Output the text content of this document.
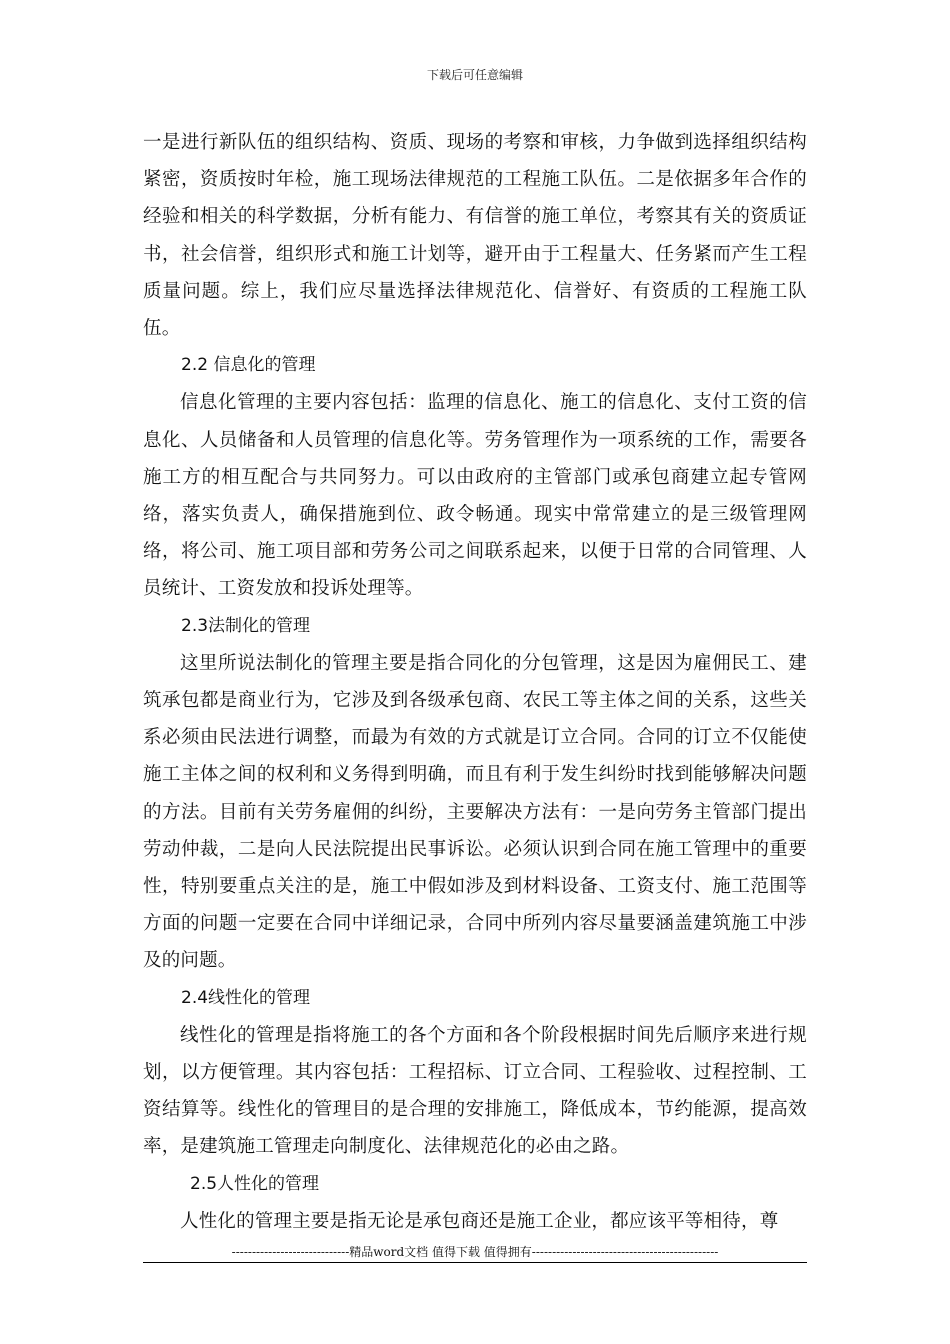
下载后可任意编辑

一是进行新队伍的组织结构、资质、现场的考察和审核，力争做到选择组织结构紧密，资质按时年检，施工现场法律规范的工程施工队伍。二是依据多年合作的经验和相关的科学数据，分析有能力、有信誉的施工单位，考察其有关的资质证书，社会信誉，组织形式和施工计划等，避开由于工程量大、任务紧而产生工程质量问题。综上，我们应尽量选择法律规范化、信誉好、有资质的工程施工队伍。

2.2 信息化的管理

信息化管理的主要内容包括：监理的信息化、施工的信息化、支付工资的信息化、人员储备和人员管理的信息化等。劳务管理作为一项系统的工作，需要各施工方的相互配合与共同努力。可以由政府的主管部门或承包商建立起专管网络，落实负责人，确保措施到位、政令畅通。现实中常常建立的是三级管理网络，将公司、施工项目部和劳务公司之间联系起来，以便于日常的合同管理、人员统计、工资发放和投诉处理等。

2.3法制化的管理

这里所说法制化的管理主要是指合同化的分包管理，这是因为雇佣民工、建筑承包都是商业行为，它涉及到各级承包商、农民工等主体之间的关系，这些关系必须由民法进行调整，而最为有效的方式就是订立合同。合同的订立不仅能使施工主体之间的权利和义务得到明确，而且有利于发生纠纷时找到能够解决问题的方法。目前有关劳务雇佣的纠纷，主要解决方法有：一是向劳务主管部门提出劳动仲裁，二是向人民法院提出民事诉讼。必须认识到合同在施工管理中的重要性，特别要重点关注的是，施工中假如涉及到材料设备、工资支付、施工范围等方面的问题一定要在合同中详细记录，合同中所列内容尽量要涵盖建筑施工中涉及的问题。

2.4线性化的管理

线性化的管理是指将施工的各个方面和各个阶段根据时间先后顺序来进行规划，以方便管理。其内容包括：工程招标、订立合同、工程验收、过程控制、工资结算等。线性化的管理目的是合理的安排施工，降低成本，节约能源，提高效率，是建筑施工管理走向制度化、法律规范化的必由之路。

2.5人性化的管理

人性化的管理主要是指无论是承包商还是施工企业，都应该平等相待，尊

-----------------------------精品word文档 值得下载 值得拥有----------------------------------------------
